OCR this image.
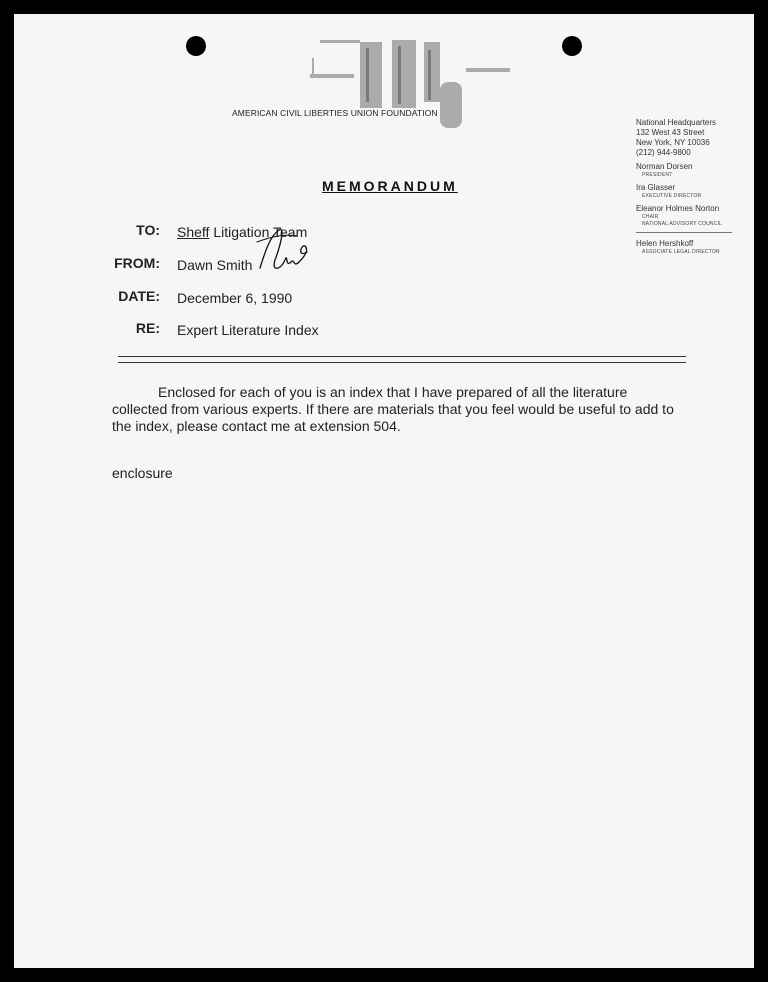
AMERICAN CIVIL LIBERTIES UNION FOUNDATION
National Headquarters
132 West 43 Street
New York, NY 10036
(212) 944-9800
Norman Dorsen
PRESIDENT
Ira Glasser
EXECUTIVE DIRECTOR
Eleanor Holmes Norton
CHAIR
NATIONAL ADVISORY COUNCIL
Helen Hershkoff
ASSOCIATE LEGAL DIRECTOR
MEMORANDUM
TO: Sheff Litigation Team
FROM: Dawn Smith
DATE: December 6, 1990
RE: Expert Literature Index

Enclosed for each of you is an index that I have prepared of all the literature collected from various experts. If there are materials that you feel would be useful to add to the index, please contact me at extension 504.

enclosure
